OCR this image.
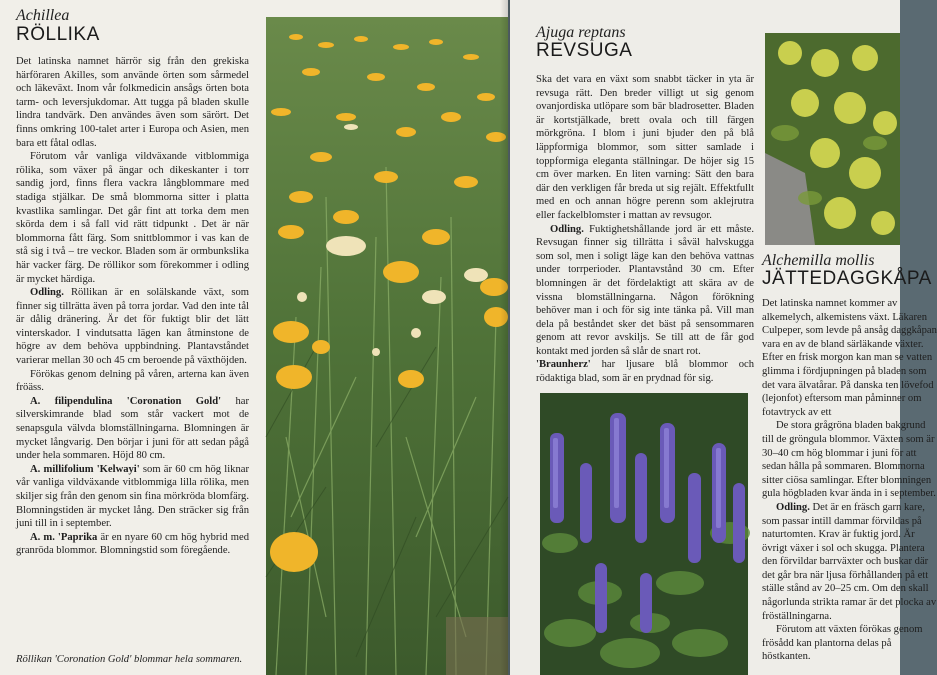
Achillea
RÖLLIKA

Det latinska namnet härrör sig från den grekiska härföraren Akilles, som använde örten som sårmedel och läkeväxt. Inom vår folkmedicin ansågs örten bota tarm- och leversjukdomar. Att tuggа på bladen skulle lindra tandvärk. Den användes även som särört. Det finns omkring 100-talet arter i Europa och Asien, men bara ett fåtal odlas.

Förutom vår vanliga vildväxande vitblommiga rölika, som växer på ängar och dikeskanter i torr sandig jord, finns flera vackra långblommare med stadiga stjälkar. De små blommorna sitter i platta kvastlika samlingar. Det går fint att torka dem men skörda dem i så fall vid rätt tidpunkt . Det är när blommorna fått färg. Som snittblommor i vas kan de stå sig i två – tre veckor. Bladen som är ormbunkslika här vacker färg. De röllikor som förekommer i odling är mycket härdiga.

Odling. Röllikan är en solälskande växt, som finner sig tillrätta även på torra jordar. Vad den inte tål är dålig dränering. Är det för fuktigt blir det lätt vinterskador. I vindutsatta lägen kan åtminstone de högre av dem behöva uppbindning. Plantavståndet varierar mellan 30 och 45 cm beroende på växthöjden.

Förökas genom delning på våren, arterna kan även fröäss.

A. filipendulina 'Coronation Gold' har silverskimrande blad som står vackert mot de senapsgula välvda blomställningarna. Blomningen är mycket långvarig. Den börjar i juni för att sedan pågå under hela sommaren. Höjd 80 cm.

A. millifolium 'Kelwayi' som är 60 cm hög liknar vår vanliga vildväxande vitblommiga lilla rölika, men skiljer sig från den genom sin fina mörkröda blomfärg. Blomningstiden är mycket lång. Den sträcker sig från juni till in i september.

A. m. 'Paprika är en nyare 60 cm hög hybrid med granröda blommor. Blomningstid som föregående.

Röllikan 'Coronation Gold' blommar hela sommaren.
Ajuga reptans
REVSUGA

Ska det vara en växt som snabbt täcker in yta är revsuga rätt. Den breder villigt ut sig genom ovanjordiska utlöpare som bär bladrosetter. Bladen är kortstjälkade, brett ovala och till färgen mörkgröna. I blom i juni bjuder den på blå läppformiga blommor, som sitter samlade i toppformiga eleganta ställningar. De höjer sig 15 cm över marken. En liten varning: Sätt den bara där den verkligen får breda ut sig rejält. Effektfullt med en och annan högre perenn som aklejrutra eller fackelblomster i mattan av revsugor.

Odling. Fuktighetshållande jord är ett måste. Revsugan finner sig tillrätta i såväl halvskugga som sol, men i soligt läge kan den behöva vattnas under torrperioder. Plantavstånd 30 cm. Efter blomningen är det fördelaktigt att skära av de vissna blomställningarna. Någon förökning behöver man i och för sig inte tänka på. Vill man dela på beståndet sker det bäst på sensommaren genom att revor avskiljs. Se till att de får god kontakt med jorden så slår de snart rot.

'Braunherz' har ljusare blå blommor och rödaktiga blad, som är en prydnad för sig.

Alchemilla mollis
JÄTTEDAGGKÅPA

Det latinska namnet kommer av alkemelych, alkemistens växt. Läkaren Culpeper, som levde på ansåg daggkåpan vara en av de bland särläkande växter. Efter en frisk morgon kan man se vatten glimma i fördjupningen på bladen som det vara älvatårar. På danska ten lövefod (lejonfot) eftersom man påminner om fotavtryck av ett

De stora grågröna bladen bakgrund till de gröngula blommor. Växten som är 30–40 cm hög blommar i juni för att sedan hålla på sommaren. Blommorna sitter ciösa samlingar. Efter blomningen gula högbladen kvar ända in i september.

Odling. Det är en fräsch garn kare, som passar intill dammar förvildas på naturtomten. Krav är fuktig jord. Är övrigt växer i sol och skugga. Plantera den förvildar barrväxter och buskar där det går bra när ljusa förhållanden på ett ställe stånd av 20–25 cm. Om den skall någorlunda strikta ramar är det plocka av fröställningarna.

Förutom att växten förökas genom frösådd kan plantorna delas på höstkanten.
